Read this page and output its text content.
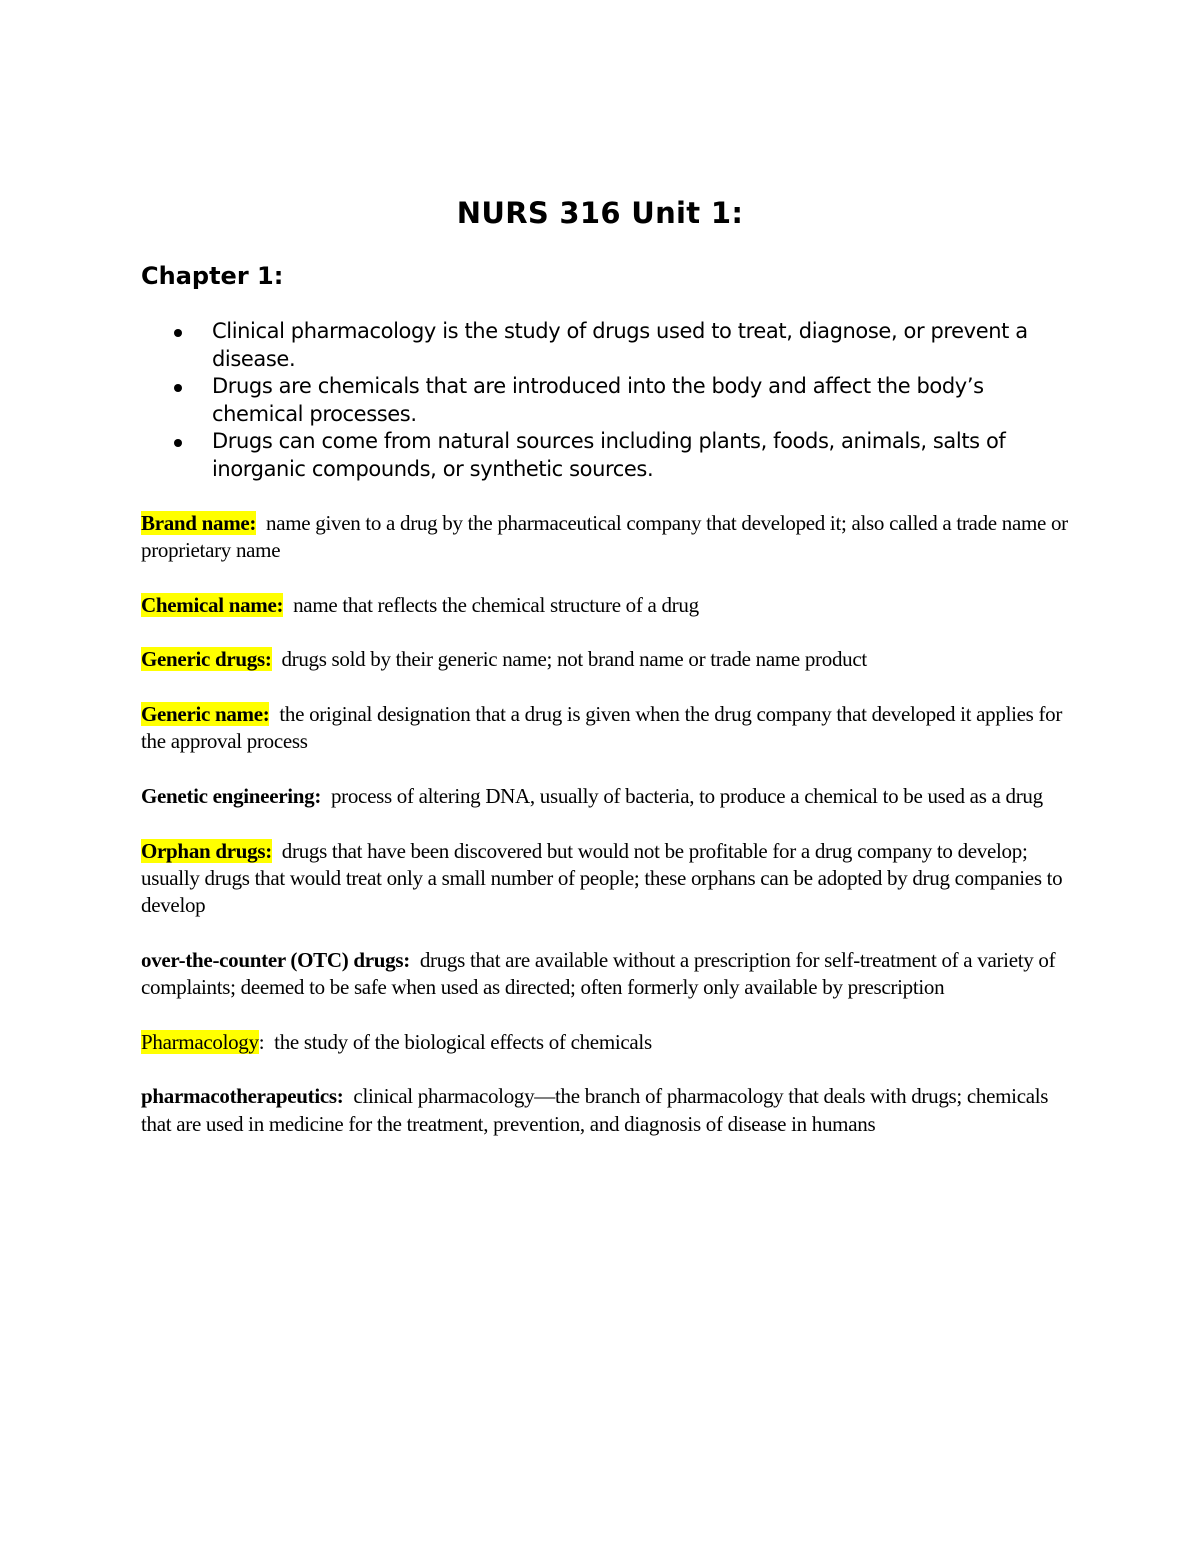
NURS 316 Unit 1:
Chapter 1:
Clinical pharmacology is the study of drugs used to treat, diagnose, or prevent a disease.
Drugs are chemicals that are introduced into the body and affect the body’s chemical processes.
Drugs can come from natural sources including plants, foods, animals, salts of inorganic compounds, or synthetic sources.

Brand name: name given to a drug by the pharmaceutical company that developed it; also called a trade name or proprietary name

Chemical name: name that reflects the chemical structure of a drug

Generic drugs: drugs sold by their generic name; not brand name or trade name product

Generic name: the original designation that a drug is given when the drug company that developed it applies for the approval process

Genetic engineering: process of altering DNA, usually of bacteria, to produce a chemical to be used as a drug

Orphan drugs: drugs that have been discovered but would not be profitable for a drug company to develop; usually drugs that would treat only a small number of people; these orphans can be adopted by drug companies to develop

over-the-counter (OTC) drugs: drugs that are available without a prescription for self-treatment of a variety of complaints; deemed to be safe when used as directed; often formerly only available by prescription

Pharmacology: the study of the biological effects of chemicals

pharmacotherapeutics: clinical pharmacology—the branch of pharmacology that deals with drugs; chemicals that are used in medicine for the treatment, prevention, and diagnosis of disease in humans
